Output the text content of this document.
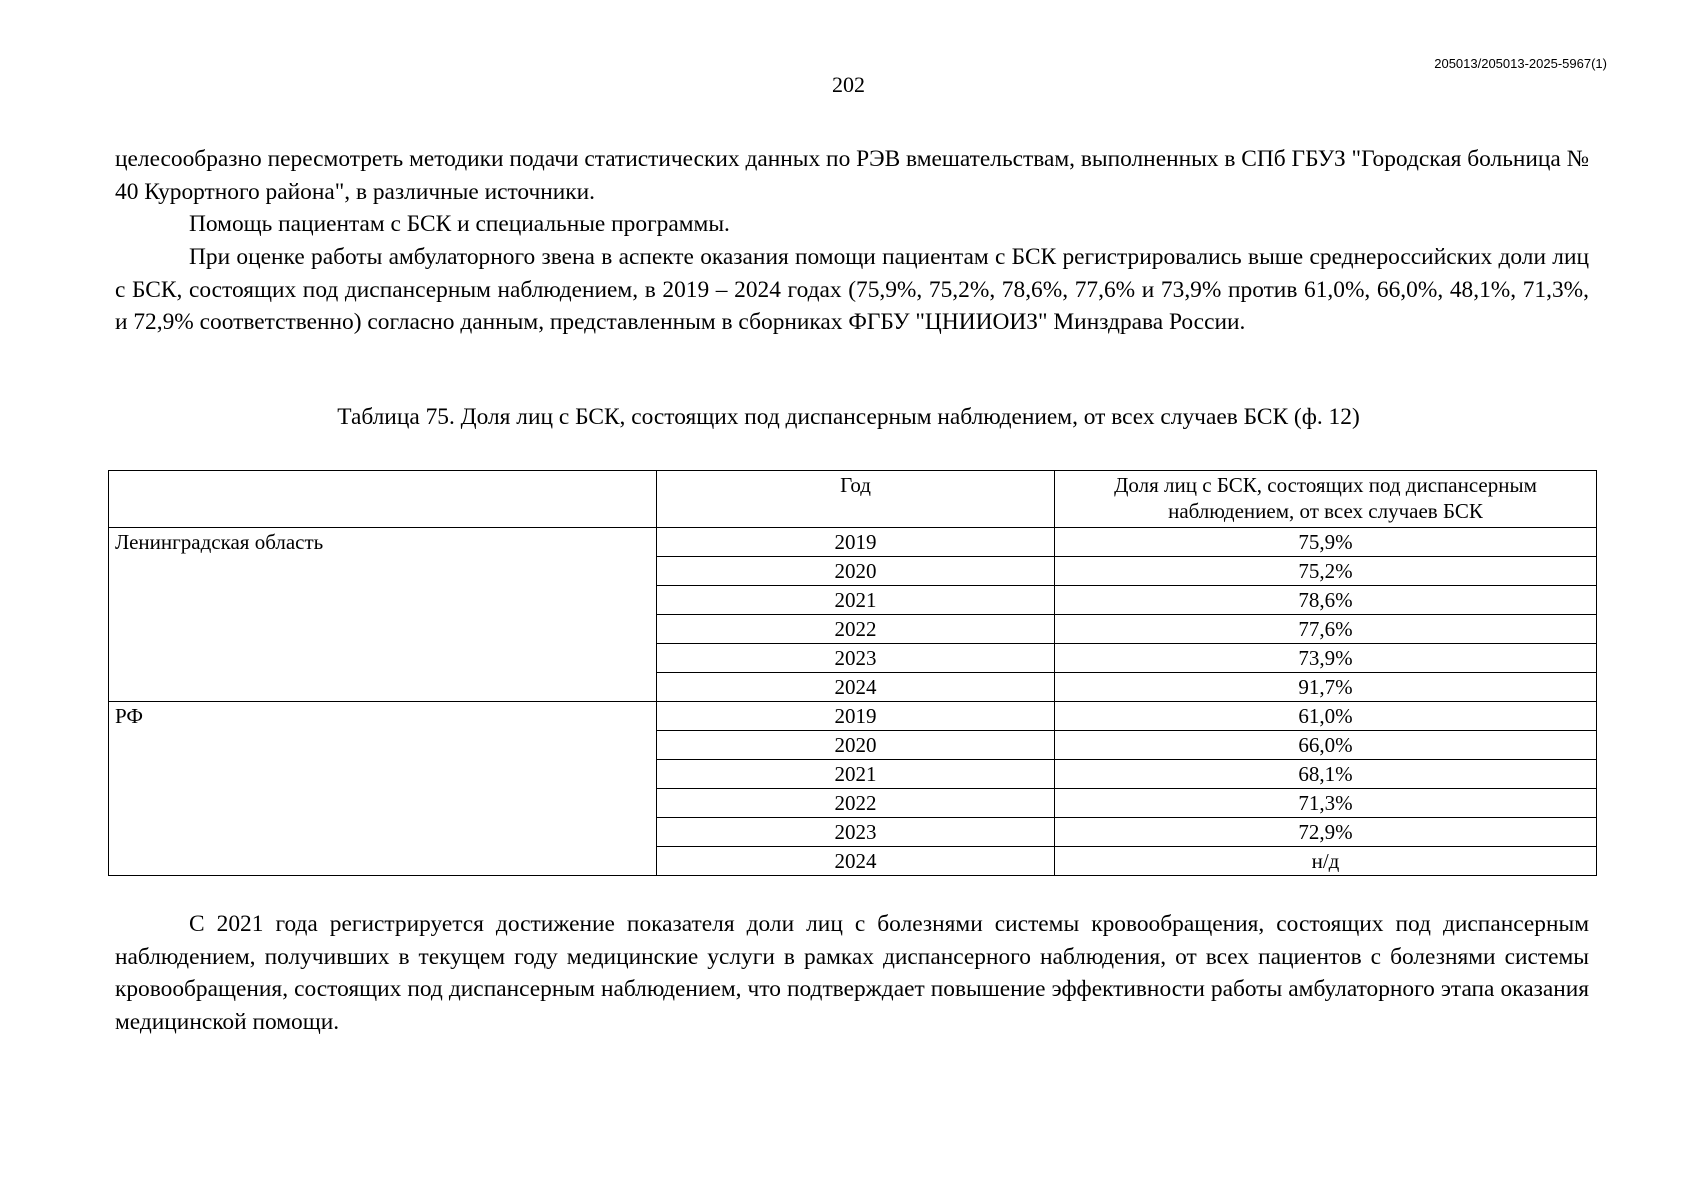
205013/205013-2025-5967(1)
202

целесообразно пересмотреть методики подачи статистических данных по РЭВ вмешательствам, выполненных в СПб ГБУЗ "Городская больница № 40 Курортного района", в различные источники.

Помощь пациентам с БСК и специальные программы.

При оценке работы амбулаторного звена в аспекте оказания помощи пациентам с БСК регистрировались выше среднероссийских доли лиц с БСК, состоящих под диспансерным наблюдением, в 2019 – 2024 годах (75,9%, 75,2%, 78,6%, 77,6% и 73,9% против 61,0%, 66,0%, 48,1%, 71,3%, и 72,9% соответственно) согласно данным, представленным в сборниках ФГБУ "ЦНИИОИЗ" Минздрава России.

Таблица 75. Доля лиц с БСК, состоящих под диспансерным наблюдением, от всех случаев БСК (ф. 12)
	Год	Доля лиц с БСК, состоящих под диспансерным наблюдением, от всех случаев БСК
Ленинградская область	2019	75,9%
	2020	75,2%
	2021	78,6%
	2022	77,6%
	2023	73,9%
	2024	91,7%
РФ	2019	61,0%
	2020	66,0%
	2021	68,1%
	2022	71,3%
	2023	72,9%
	2024	н/д

С 2021 года регистрируется достижение показателя доли лиц с болезнями системы кровообращения, состоящих под диспансерным наблюдением, получивших в текущем году медицинские услуги в рамках диспансерного наблюдения, от всех пациентов с болезнями системы кровообращения, состоящих под диспансерным наблюдением, что подтверждает повышение эффективности работы амбулаторного этапа оказания медицинской помощи.
